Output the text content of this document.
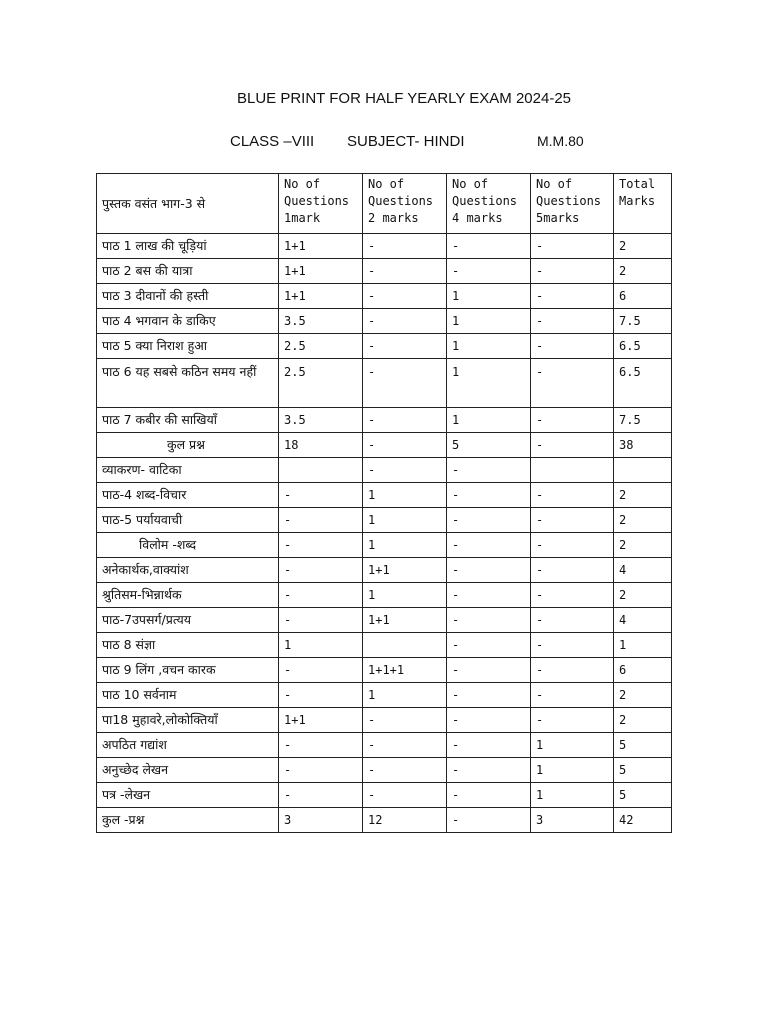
BLUE PRINT FOR HALF YEARLY EXAM 2024-25
CLASS –VIII SUBJECT- HINDI	M.M.80
पुस्तक वसंत भाग-3 से	No of Questions 1mark	No of Questions 2 marks	No of Questions 4 marks	No of Questions 5marks	Total Marks
पाठ 1 लाख की चूड़ियां	1+1	-	-	-	2
पाठ 2 बस की यात्रा	1+1	-	-	-	2
पाठ 3 दीवानों की हस्ती	1+1	-	1	-	6
पाठ 4 भगवान के डाकिए	3.5	-	1	-	7.5
पाठ 5 क्या निराश हुआ	2.5	-	1	-	6.5
पाठ 6 यह सबसे कठिन समय नहीं	2.5	-	1	-	6.5
पाठ 7 कबीर की साखियाँ	3.5	-	1	-	7.5
कुल प्रश्न	18	-	5	-	38
व्याकरण- वाटिका		-	-		
पाठ-4 शब्द-विचार	-	1	-	-	2
पाठ-5 पर्यायवाची	-	1	-	-	2
विलोम -शब्द	-	1	-	-	2
अनेकार्थक,वाक्यांश	-	1+1	-	-	4
श्रुतिसम-भिन्नार्थक	-	1	-	-	2
पाठ-7उपसर्ग/प्रत्यय	-	1+1	-	-	4
पाठ 8 संज्ञा	1		-	-	1
पाठ 9 लिंग ,वचन कारक	-	1+1+1	-	-	6
पाठ 10 सर्वनाम	-	1	-	-	2
पा18 मुहावरे,लोकोक्तियाँ	1+1	-	-	-	2
अपठित गद्यांश	-	-	-	1	5
अनुच्छेद लेखन	-	-	-	1	5
पत्र -लेखन	-	-	-	1	5
कुल -प्रश्न	3	12	-	3	42
